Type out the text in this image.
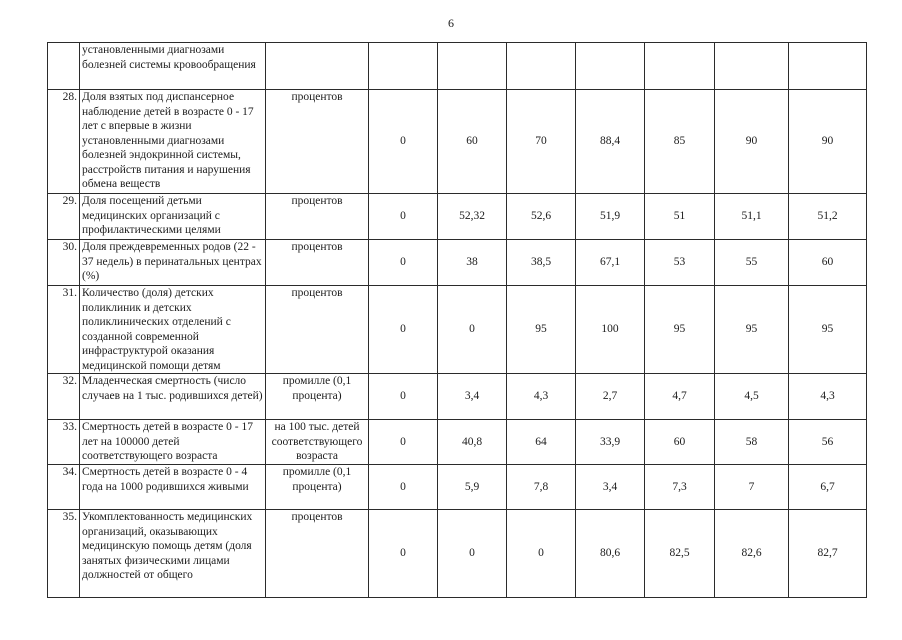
6
	установленными диагнозами болезней системы кровообращения								
28.	Доля взятых под диспансерное наблюдение детей в возрасте 0 - 17 лет с впервые в жизни установленными диагнозами болезней эндокринной системы, расстройств питания и нарушения обмена веществ	процентов	0	60	70	88,4	85	90	90
29.	Доля посещений детьми медицинских организаций с профилактическими целями	процентов	0	52,32	52,6	51,9	51	51,1	51,2
30.	Доля преждевременных родов (22 - 37 недель) в перинатальных центрах (%)	процентов	0	38	38,5	67,1	53	55	60
31.	Количество (доля) детских поликлиник и детских поликлинических отделений с созданной современной инфраструктурой оказания медицинской помощи детям	процентов	0	0	95	100	95	95	95
32.	Младенческая смертность (число случаев на 1 тыс. родившихся детей)	промилле (0,1 процента)	0	3,4	4,3	2,7	4,7	4,5	4,3
33.	Смертность детей в возрасте 0 - 17 лет на 100000 детей соответствующего возраста	на 100 тыс. детей соответствующего возраста	0	40,8	64	33,9	60	58	56
34.	Смертность детей в возрасте 0 - 4 года на 1000 родившихся живыми	промилле (0,1 процента)	0	5,9	7,8	3,4	7,3	7	6,7
35.	Укомплектованность медицинских организаций, оказывающих медицинскую помощь детям (доля занятых физическими лицами должностей от общего	процентов	0	0	0	80,6	82,5	82,6	82,7
